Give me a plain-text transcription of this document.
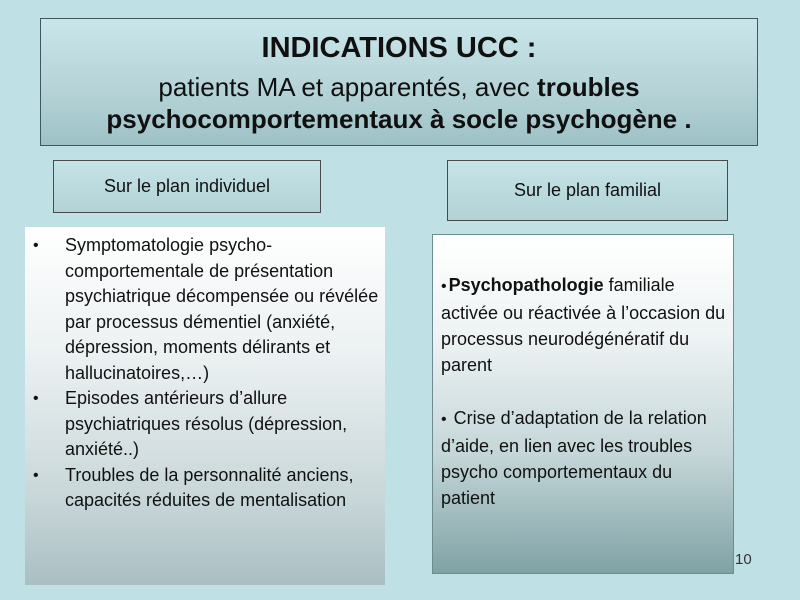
INDICATIONS UCC :
patients MA et apparentés, avec troubles
psychocomportementaux à socle psychogène .
Sur le plan individuel	Sur le plan familial
• Symptomatologie psycho-comportementale de présentation psychiatrique décompensée ou révélée par processus démentiel (anxiété, dépression, moments délirants et hallucinatoires,…)
• Episodes antérieurs d’allure psychiatriques résolus (dépression, anxiété..)
• Troubles de la personnalité anciens, capacités réduites de mentalisation
• Psychopathologie familiale activée ou réactivée à l’occasion du processus neurodégénératif du parent
• Crise d’adaptation de la relation d’aide, en lien avec les troubles psycho comportementaux du patient
10
